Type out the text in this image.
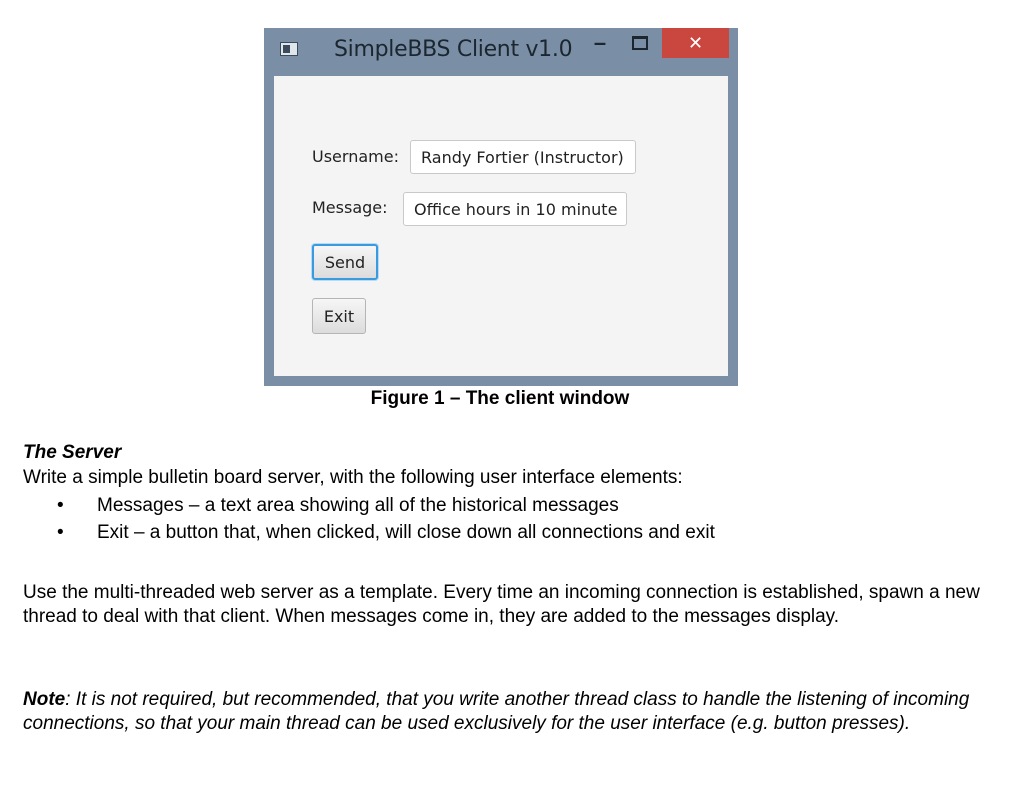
SimpleBBS Client v1.0 –	✕
Username:	Randy Fortier (Instructor)
Message:	Office hours in 10 minute
Send
Exit
Figure 1 – The client window
The Server
Write a simple bulletin board server, with the following user interface elements:
• Messages – a text area showing all of the historical messages
• Exit – a button that, when clicked, will close down all connections and exit

Use the multi-threaded web server as a template. Every time an incoming connection is established, spawn a new thread to deal with that client. When messages come in, they are added to the messages display.

Note: It is not required, but recommended, that you write another thread class to handle the listening of incoming connections, so that your main thread can be used exclusively for the user interface (e.g. button presses).
